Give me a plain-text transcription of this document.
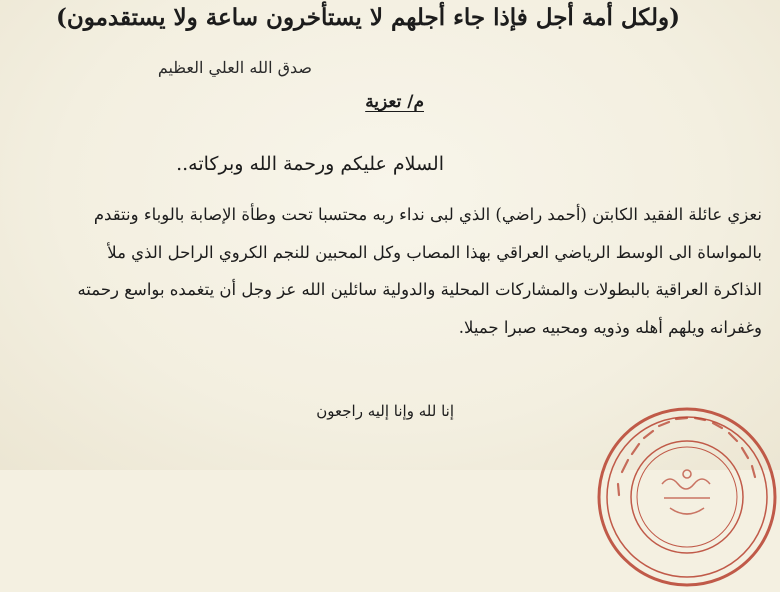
(ولكل أمة أجل فإذا جاء أجلهم لا يستأخرون ساعة ولا يستقدمون)
صدق الله العلي العظيم
م/ تعزية
السلام عليكم ورحمة الله وبركاته..
نعزي عائلة الفقيد الكابتن (أحمد راضي) الذي لبى نداء ربه محتسبا تحت وطأة الإصابة بالوباء ونتقدم
بالمواساة الى الوسط الرياضي العراقي بهذا المصاب وكل المحبين للنجم الكروي الراحل الذي ملأ
الذاكرة العراقية بالبطولات والمشاركات المحلية والدولية سائلين الله عز وجل أن يتغمده بواسع رحمته
وغفرانه ويلهم أهله وذويه ومحبيه صبرا جميلا.
إنا لله وإنا إليه راجعون
